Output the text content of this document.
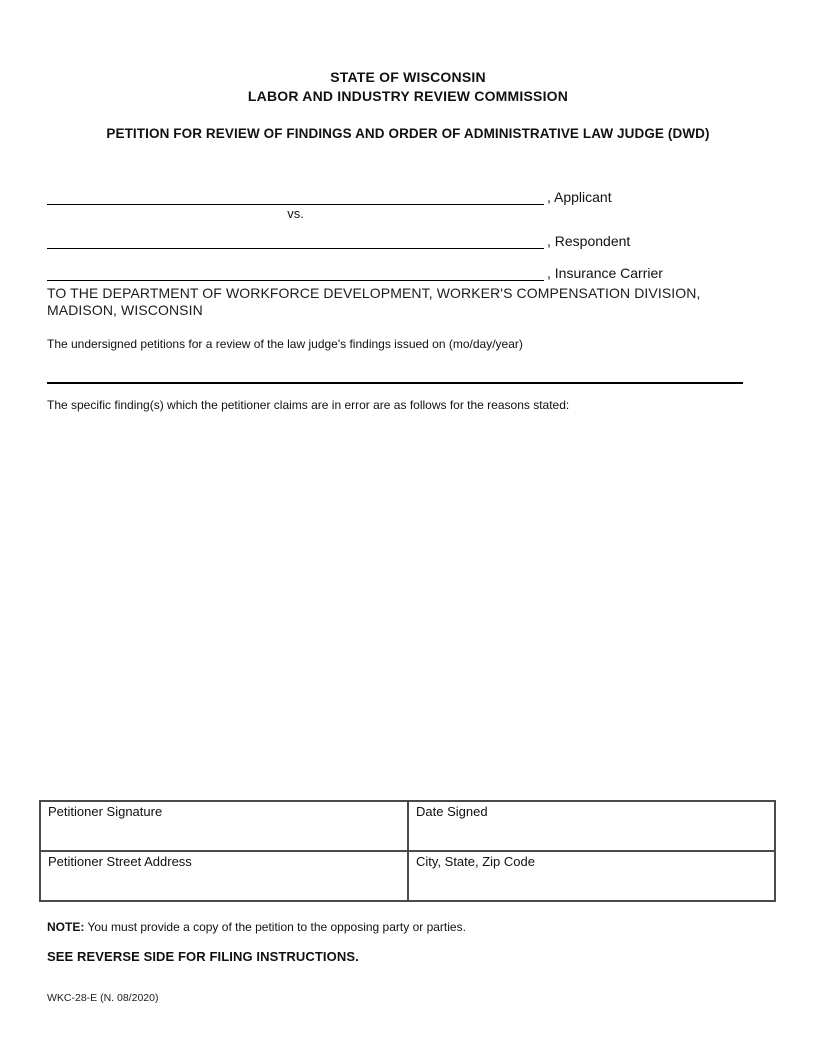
STATE OF WISCONSIN
LABOR AND INDUSTRY REVIEW COMMISSION
PETITION FOR REVIEW OF FINDINGS AND ORDER OF ADMINISTRATIVE LAW JUDGE (DWD)
, Applicant
vs.
, Respondent
, Insurance Carrier
TO THE DEPARTMENT OF WORKFORCE DEVELOPMENT, WORKER'S COMPENSATION DIVISION,
MADISON, WISCONSIN
The undersigned petitions for a review of the law judge's findings issued on (mo/day/year)
The specific finding(s) which the petitioner claims are in error are as follows for the reasons stated:
Petitioner Signature	Date Signed
Petitioner Street Address	City, State, Zip Code
NOTE: You must provide a copy of the petition to the opposing party or parties.
SEE REVERSE SIDE FOR FILING INSTRUCTIONS.
WKC-28-E (N. 08/2020)
